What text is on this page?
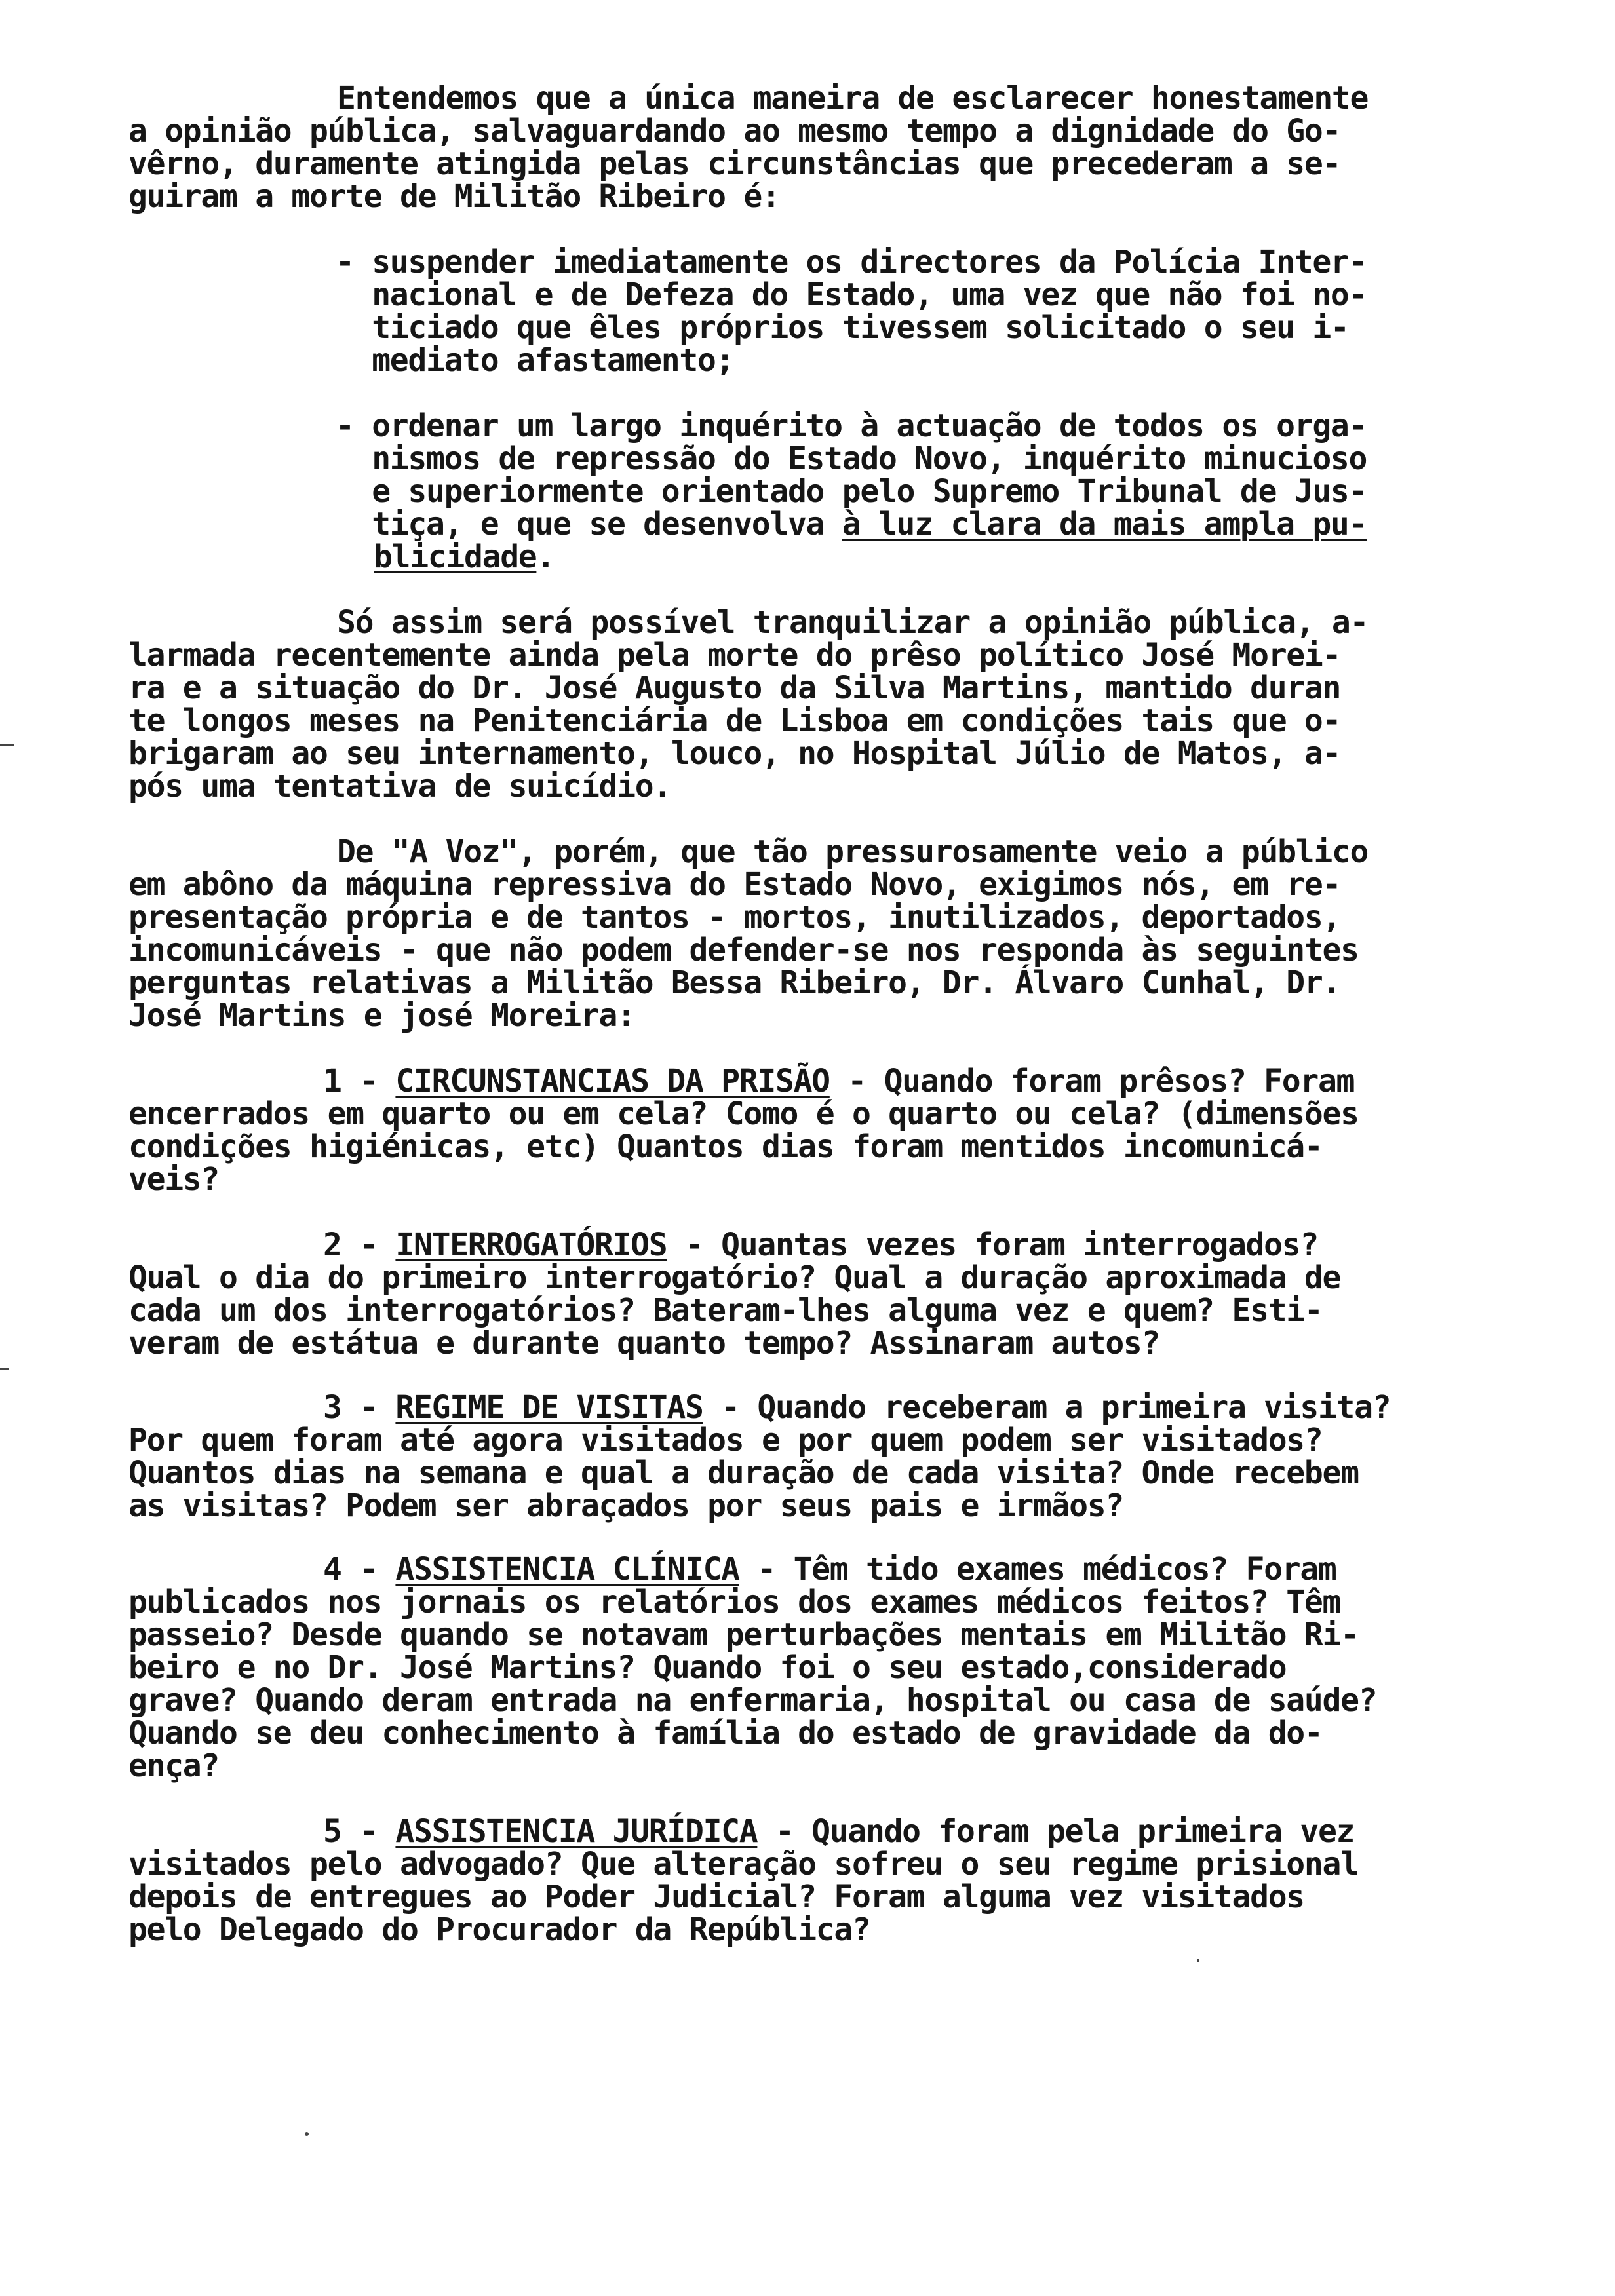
Entendemos que a única maneira de esclarecer honestamente
a opinião pública, salvaguardando ao mesmo tempo a dignidade do Go-
vêrno, duramente atingida pelas circunstâncias que precederam a se-
guiram a morte de Militão Ribeiro é:
- suspender imediatamente os directores da Polícia Inter-
nacional e de Defeza do Estado, uma vez que não foi no-
ticiado que êles próprios tivessem solicitado o seu i-
mediato afastamento;
- ordenar um largo inquérito à actuação de todos os orga-
nismos de repressão do Estado Novo, inquérito minucioso
e superiormente orientado pelo Supremo Tribunal de Jus-
tiça, e que se desenvolva à luz clara da mais ampla pu-
blicidade.
Só assim será possível tranquilizar a opinião pública, a-
larmada recentemente ainda pela morte do prêso político José Morei-
ra e a situação do Dr. José Augusto da Silva Martins, mantido duran
te longos meses na Penitenciária de Lisboa em condições tais que o-
brigaram ao seu internamento, louco, no Hospital Júlio de Matos, a-
pós uma tentativa de suicídio.
De "A Voz", porém, que tão pressurosamente veio a público
em abôno da máquina repressiva do Estado Novo, exigimos nós, em re-
presentação própria e de tantos - mortos, inutilizados, deportados,
incomunicáveis - que não podem defender-se nos responda às seguintes
perguntas relativas a Militão Bessa Ribeiro, Dr. Álvaro Cunhal, Dr.
José Martins e josé Moreira:
1 - CIRCUNSTANCIAS DA PRISÃO - Quando foram prêsos? Foram
encerrados em quarto ou em cela? Como é o quarto ou cela? (dimensões
condições higiénicas, etc) Quantos dias foram mentidos incomunicá-
veis?
2 - INTERROGATÓRIOS - Quantas vezes foram interrogados?
Qual o dia do primeiro interrogatório? Qual a duração aproximada de
cada um dos interrogatórios? Bateram-lhes alguma vez e quem? Esti-
veram de estátua e durante quanto tempo? Assinaram autos?
3 - REGIME DE VISITAS - Quando receberam a primeira visita?
Por quem foram até agora visitados e por quem podem ser visitados?
Quantos dias na semana e qual a duração de cada visita? Onde recebem
as visitas? Podem ser abraçados por seus pais e irmãos?
4 - ASSISTENCIA CLÍNICA - Têm tido exames médicos? Foram
publicados nos jornais os relatórios dos exames médicos feitos? Têm
passeio? Desde quando se notavam perturbações mentais em Militão Ri-
beiro e no Dr. José Martins? Quando foi o seu estado,considerado
grave? Quando deram entrada na enfermaria, hospital ou casa de saúde?
Quando se deu conhecimento à família do estado de gravidade da do-
ença?
5 - ASSISTENCIA JURÍDICA - Quando foram pela primeira vez
visitados pelo advogado? Que alteração sofreu o seu regime prisional
depois de entregues ao Poder Judicial? Foram alguma vez visitados
pelo Delegado do Procurador da República?
